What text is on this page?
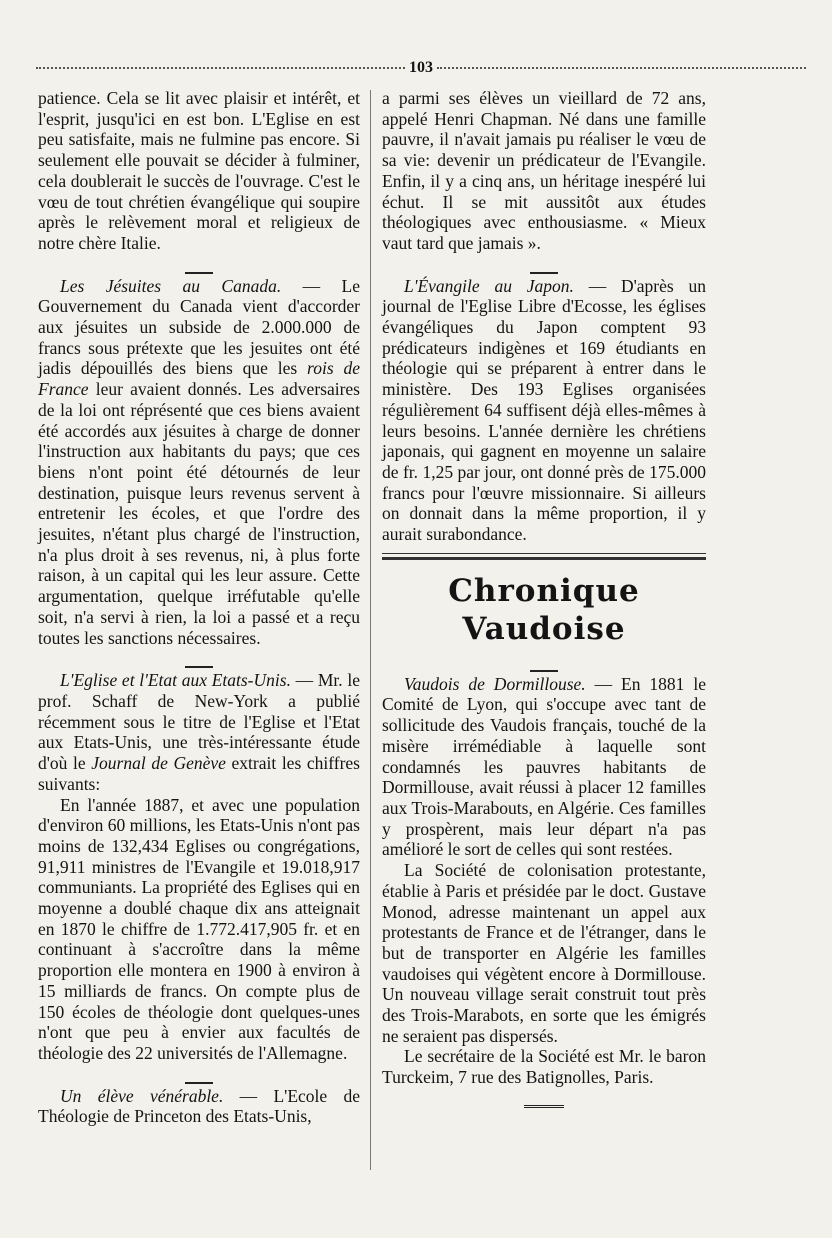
103

patience. Cela se lit avec plaisir et intérêt, et l'esprit, jusqu'ici en est bon. L'Eglise en est peu satisfaite, mais ne fulmine pas encore. Si seulement elle pouvait se décider à fulminer, cela doublerait le succès de l'ouvrage. C'est le vœu de tout chrétien évangélique qui soupire après le relèvement moral et religieux de notre chère Italie.

Les Jésuites au Canada. — Le Gouvernement du Canada vient d'accorder aux jésuites un subside de 2.000.000 de francs sous prétexte que les jesuites ont été jadis dépouillés des biens que les rois de France leur avaient donnés. Les adversaires de la loi ont réprésenté que ces biens avaient été accordés aux jésuites à charge de donner l'instruction aux habitants du pays; que ces biens n'ont point été détournés de leur destination, puisque leurs revenus servent à entretenir les écoles, et que l'ordre des jesuites, n'étant plus chargé de l'instruction, n'a plus droit à ses revenus, ni, à plus forte raison, à un capital qui les leur assure. Cette argumentation, quelque irréfutable qu'elle soit, n'a servi à rien, la loi a passé et a reçu toutes les sanctions nécessaires.

L'Eglise et l'Etat aux Etats-Unis. — Mr. le prof. Schaff de New-York a publié récemment sous le titre de l'Eglise et l'Etat aux Etats-Unis, une très-intéressante étude d'où le Journal de Genève extrait les chiffres suivants:

En l'année 1887, et avec une population d'environ 60 millions, les Etats-Unis n'ont pas moins de 132,434 Eglises ou congrégations, 91,911 ministres de l'Evangile et 19.018,917 communiants. La propriété des Eglises qui en moyenne a doublé chaque dix ans atteignait en 1870 le chiffre de 1.772.417,905 fr. et en continuant à s'accroître dans la même proportion elle montera en 1900 à environ à 15 milliards de francs. On compte plus de 150 écoles de théologie dont quelques-unes n'ont que peu à envier aux facultés de théologie des 22 universités de l'Allemagne.

Un élève vénérable. — L'Ecole de Théologie de Princeton des Etats-Unis,

a parmi ses élèves un vieillard de 72 ans, appelé Henri Chapman. Né dans une famille pauvre, il n'avait jamais pu réaliser le vœu de sa vie: devenir un prédicateur de l'Evangile. Enfin, il y a cinq ans, un héritage inespéré lui échut. Il se mit aussitôt aux études théologiques avec enthousiasme. « Mieux vaut tard que jamais ».

L'Évangile au Japon. — D'après un journal de l'Eglise Libre d'Ecosse, les églises évangéliques du Japon comptent 93 prédicateurs indigènes et 169 étudiants en théologie qui se préparent à entrer dans le ministère. Des 193 Eglises organisées régulièrement 64 suffisent déjà elles-mêmes à leurs besoins. L'année dernière les chrétiens japonais, qui gagnent en moyenne un salaire de fr. 1,25 par jour, ont donné près de 175.000 francs pour l'œuvre missionnaire. Si ailleurs on donnait dans la même proportion, il y aurait surabondance.

Chronique Vaudoise

Vaudois de Dormillouse. — En 1881 le Comité de Lyon, qui s'occupe avec tant de sollicitude des Vaudois français, touché de la misère irrémédiable à laquelle sont condamnés les pauvres habitants de Dormillouse, avait réussi à placer 12 familles aux Trois-Marabouts, en Algérie. Ces familles y prospèrent, mais leur départ n'a pas amélioré le sort de celles qui sont restées.

La Société de colonisation protestante, établie à Paris et présidée par le doct. Gustave Monod, adresse maintenant un appel aux protestants de France et de l'étranger, dans le but de transporter en Algérie les familles vaudoises qui végètent encore à Dormillouse. Un nouveau village serait construit tout près des Trois-Marabots, en sorte que les émigrés ne seraient pas dispersés.

Le secrétaire de la Société est Mr. le baron Turckeim, 7 rue des Batignolles, Paris.
